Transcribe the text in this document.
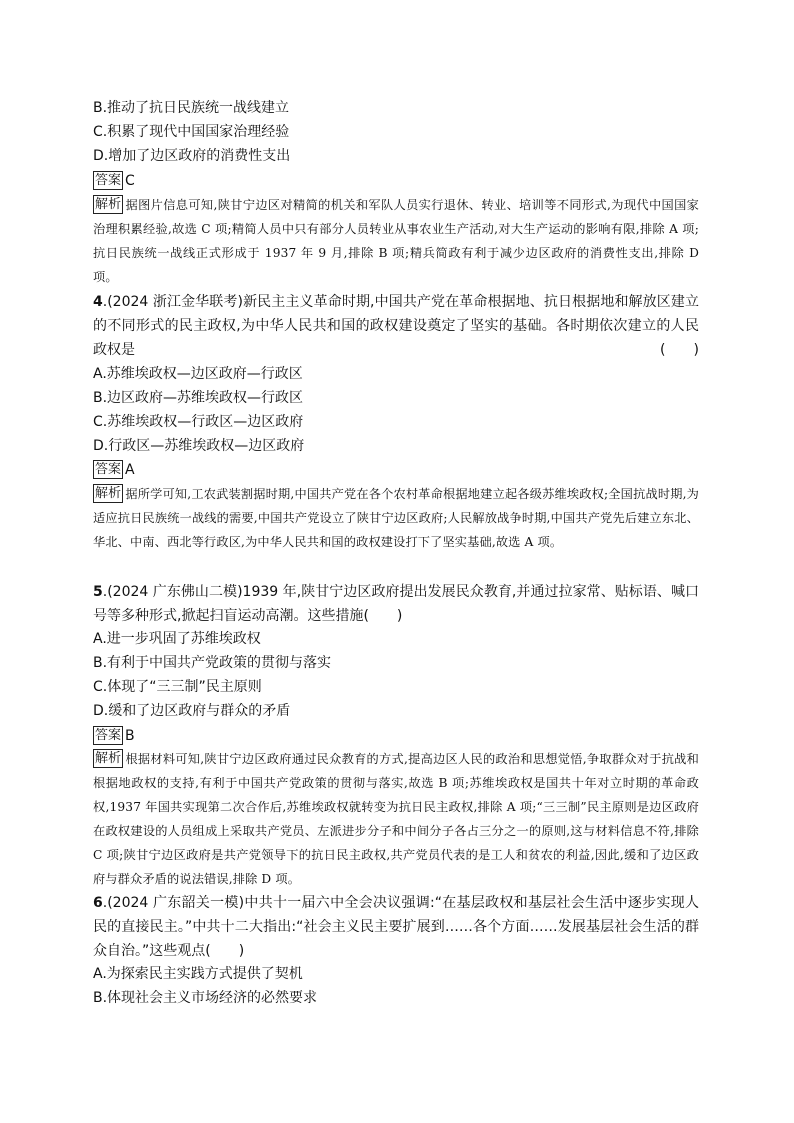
B.推动了抗日民族统一战线建立
C.积累了现代中国国家治理经验
D.增加了边区政府的消费性支出
答案 C
解析 据图片信息可知,陕甘宁边区对精简的机关和军队人员实行退休、转业、培训等不同形式,为现代中国国家治理积累经验,故选 C 项;精简人员中只有部分人员转业从事农业生产活动,对大生产运动的影响有限,排除 A 项;抗日民族统一战线正式形成于 1937 年 9 月,排除 B 项;精兵简政有利于减少边区政府的消费性支出,排除 D 项。
4.(2024 浙江金华联考)新民主主义革命时期,中国共产党在革命根据地、抗日根据地和解放区建立的不同形式的民主政权,为中华人民共和国的政权建设奠定了坚实的基础。各时期依次建立的人民政权是	(　　)
A.苏维埃政权—边区政府—行政区
B.边区政府—苏维埃政权—行政区
C.苏维埃政权—行政区—边区政府
D.行政区—苏维埃政权—边区政府
答案 A
解析 据所学可知,工农武装割据时期,中国共产党在各个农村革命根据地建立起各级苏维埃政权;全国抗战时期,为适应抗日民族统一战线的需要,中国共产党设立了陕甘宁边区政府;人民解放战争时期,中国共产党先后建立东北、华北、中南、西北等行政区,为中华人民共和国的政权建设打下了坚实基础,故选 A 项。
5.(2024 广东佛山二模)1939 年,陕甘宁边区政府提出发展民众教育,并通过拉家常、贴标语、喊口号等多种形式,掀起扫盲运动高潮。这些措施(　　)
A.进一步巩固了苏维埃政权
B.有利于中国共产党政策的贯彻与落实
C.体现了“三三制”民主原则
D.缓和了边区政府与群众的矛盾
答案 B
解析 根据材料可知,陕甘宁边区政府通过民众教育的方式,提高边区人民的政治和思想觉悟,争取群众对于抗战和根据地政权的支持,有利于中国共产党政策的贯彻与落实,故选 B 项;苏维埃政权是国共十年对立时期的革命政权,1937 年国共实现第二次合作后,苏维埃政权就转变为抗日民主政权,排除 A 项;“三三制”民主原则是边区政府在政权建设的人员组成上采取共产党员、左派进步分子和中间分子各占三分之一的原则,这与材料信息不符,排除 C 项;陕甘宁边区政府是共产党领导下的抗日民主政权,共产党员代表的是工人和贫农的利益,因此,缓和了边区政府与群众矛盾的说法错误,排除 D 项。
6.(2024 广东韶关一模)中共十一届六中全会决议强调:“在基层政权和基层社会生活中逐步实现人民的直接民主。”中共十二大指出:“社会主义民主要扩展到……各个方面……发展基层社会生活的群众自治。”这些观点(　　)
A.为探索民主实践方式提供了契机
B.体现社会主义市场经济的必然要求
